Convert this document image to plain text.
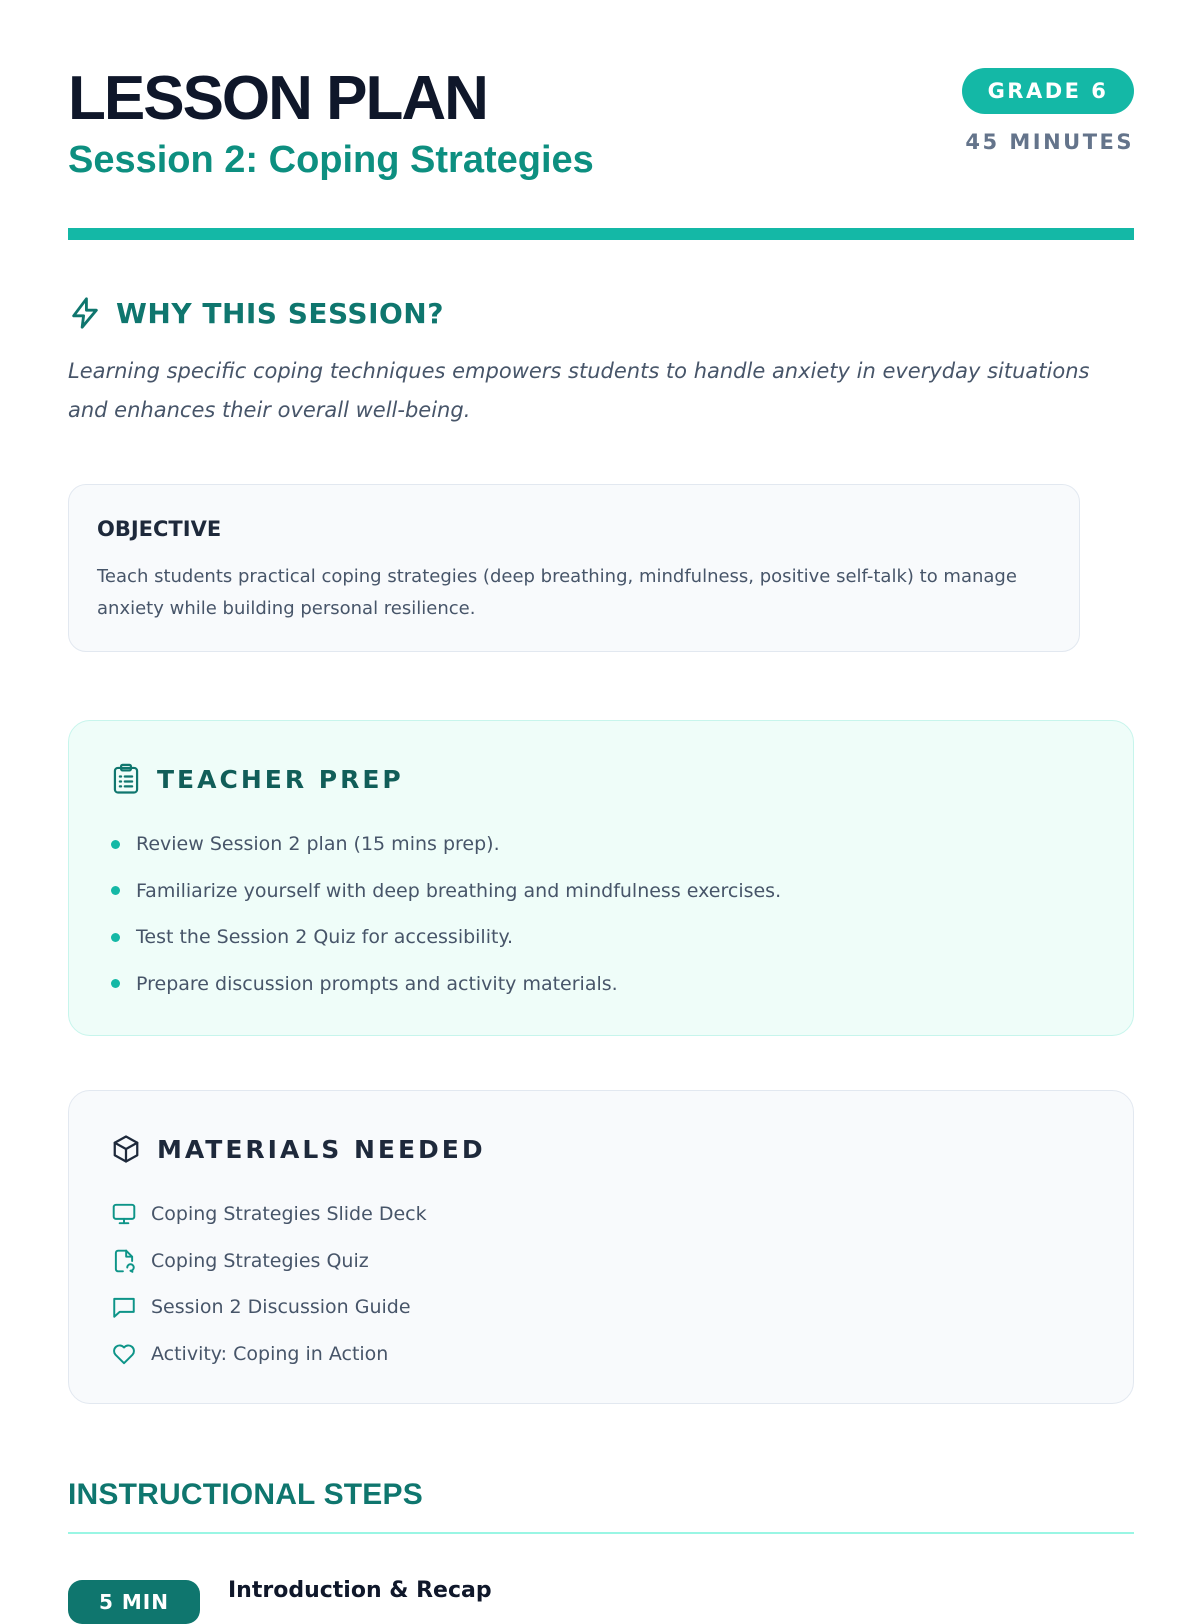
LESSON PLAN
Session 2: Coping Strategies
GRADE 6
45 MINUTES
WHY THIS SESSION?

Learning specific coping techniques empowers students to handle anxiety in everyday situations and enhances their overall well-being.

OBJECTIVE

Teach students practical coping strategies (deep breathing, mindfulness, positive self-talk) to manage anxiety while building personal resilience.

TEACHER PREP
Review Session 2 plan (15 mins prep).
Familiarize yourself with deep breathing and mindfulness exercises.
Test the Session 2 Quiz for accessibility.
Prepare discussion prompts and activity materials.
MATERIALS NEEDED
Coping Strategies Slide Deck
Coping Strategies Quiz
Session 2 Discussion Guide
Activity: Coping in Action
INSTRUCTIONAL STEPS
5 MIN	Introduction & Recap
